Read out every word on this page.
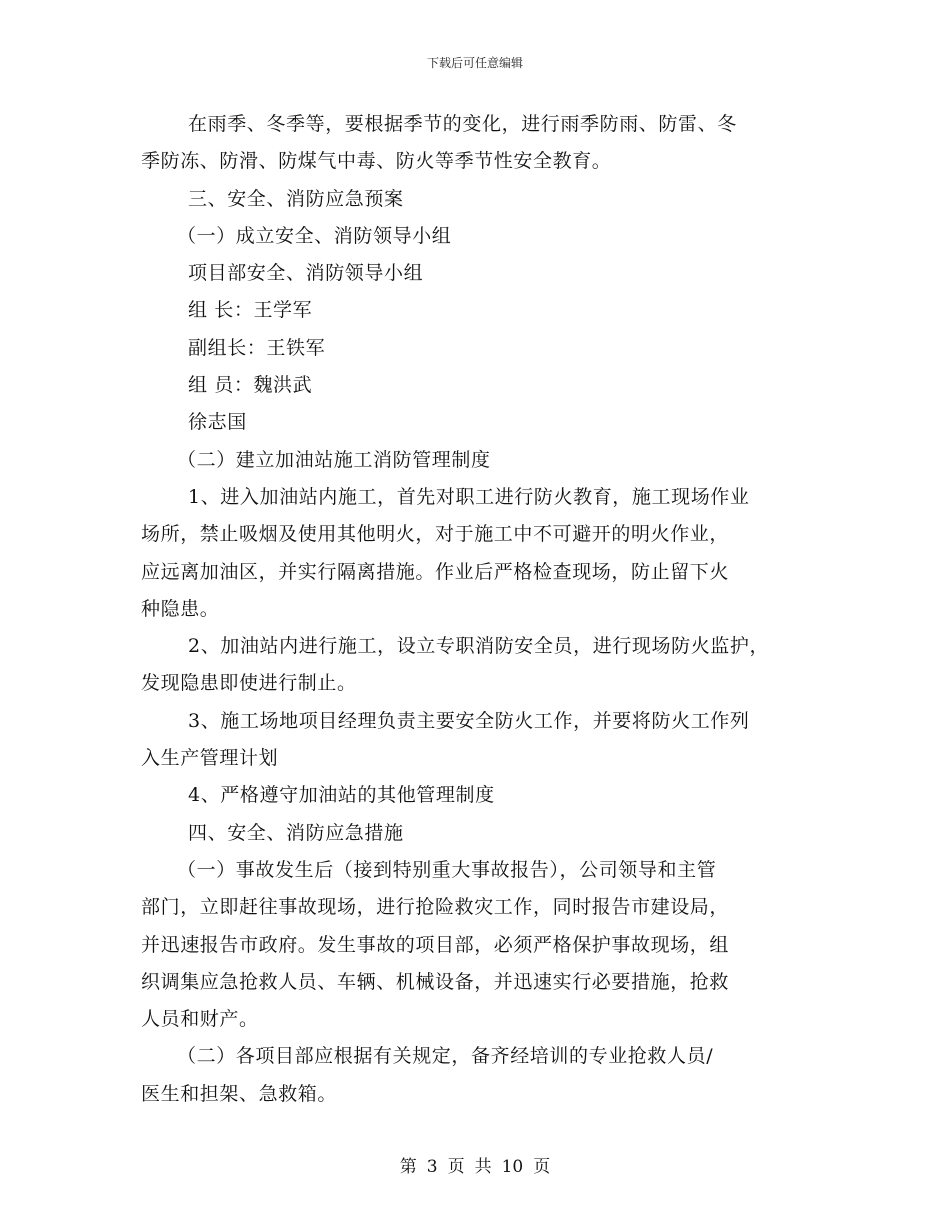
下载后可任意编辑
在雨季、冬季等，要根据季节的变化，进行雨季防雨、防雷、冬
季防冻、防滑、防煤气中毒、防火等季节性安全教育。
三、安全、消防应急预案
（一）成立安全、消防领导小组
项目部安全、消防领导小组
组 长：王学军
副组长：王铁军
组 员：魏洪武
徐志国
（二）建立加油站施工消防管理制度
1、进入加油站内施工，首先对职工进行防火教育，施工现场作业
场所，禁止吸烟及使用其他明火，对于施工中不可避开的明火作业，
应远离加油区，并实行隔离措施。作业后严格检查现场，防止留下火
种隐患。
2、加油站内进行施工，设立专职消防安全员，进行现场防火监护，
发现隐患即使进行制止。
3、施工场地项目经理负责主要安全防火工作，并要将防火工作列
入生产管理计划
4、严格遵守加油站的其他管理制度
四、安全、消防应急措施
（一）事故发生后（接到特别重大事故报告），公司领导和主管
部门，立即赶往事故现场，进行抢险救灾工作，同时报告市建设局，
并迅速报告市政府。发生事故的项目部，必须严格保护事故现场，组
织调集应急抢救人员、车辆、机械设备，并迅速实行必要措施，抢救
人员和财产。
（二）各项目部应根据有关规定，备齐经培训的专业抢救人员/
医生和担架、急救箱。
第 3 页 共 10 页
